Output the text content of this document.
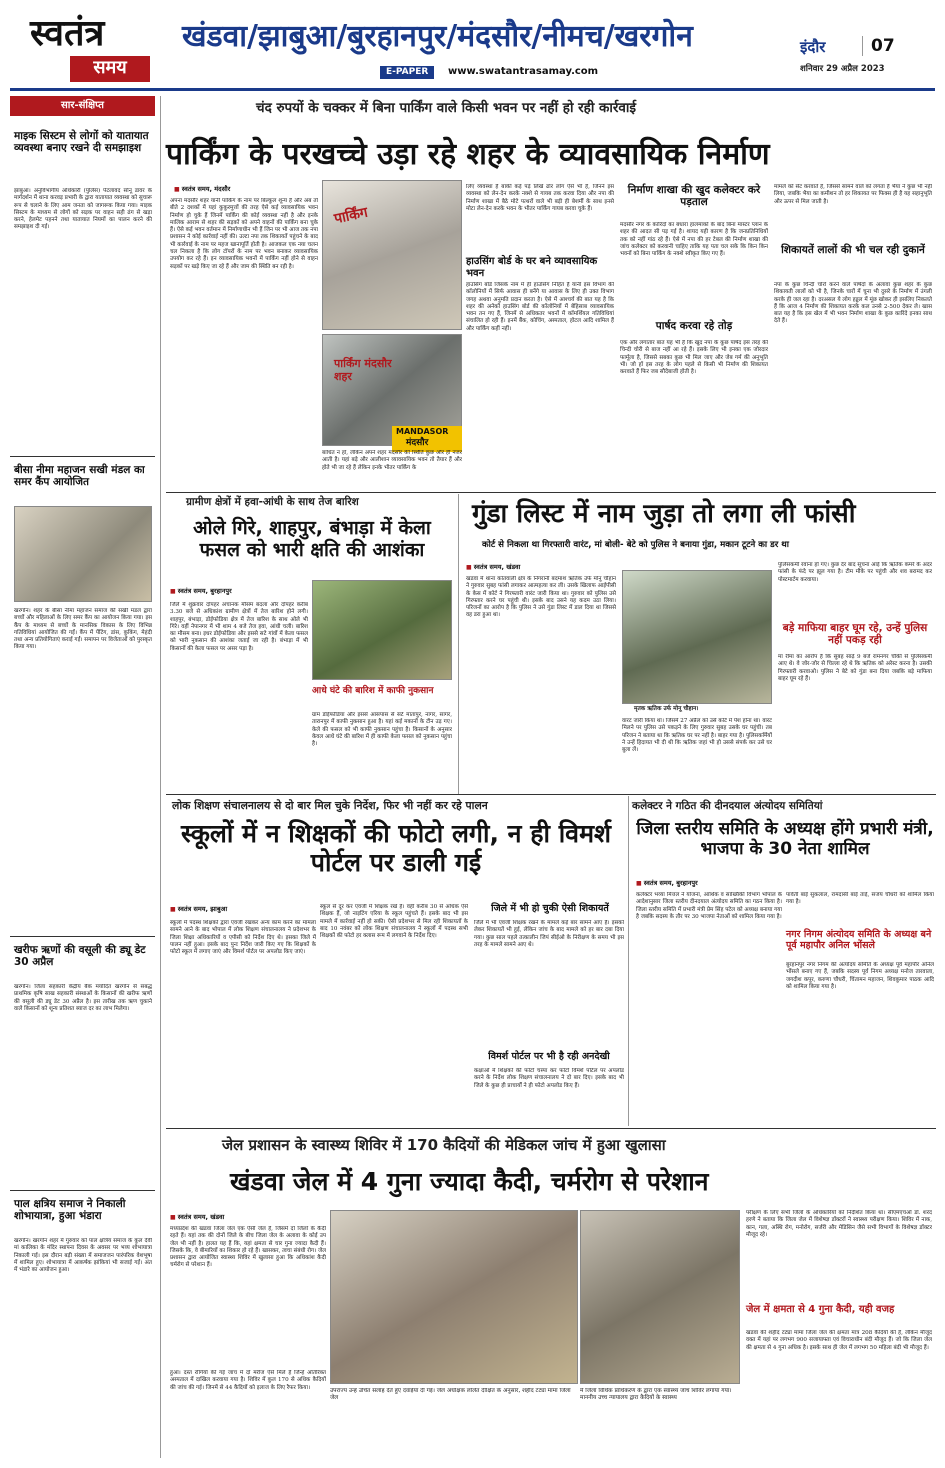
स्वतंत्र
समय
खंडवा/झाबुआ/बुरहानपुर/मंदसौर/नीमच/खरगोन
E-PAPER	www.swatantrasamay.com
इंदौर	07
शनिवार 29 अप्रैल 2023
सार-संक्षिप्त
माइक सिस्टम से लोगों को यातायात व्यवस्था बनाए रखने दी समझाइश
झाबुआ। अनुविभागीय अधिकारी (पुलिस) पेटलावद सोनू डावर के मार्गदर्शन में थाना करवड़ प्रभारी के द्वारा यातायात व्यवस्था को सुचारू रूप से चलाने के लिए आम जनता को जागरूक किया गया। माइक सिस्टम के माध्यम से लोगों को सड़क पर वाहन सही ढंग से खड़ा करने, हेलमेट पहनने तथा यातायात नियमों का पालन करने की समझाइश दी गई।
बीसा नीमा महाजन सखी मंडल का समर कैंप आयोजित
खरगोन। शहर के बीसा नीमा महाजन समाज की सखी मंडल द्वारा बच्चों और महिलाओं के लिए समर कैंप का आयोजन किया गया। इस कैंप के माध्यम से बच्चों के मानसिक विकास के लिए विभिन्न गतिविधियां आयोजित की गईं। कैंप में पेंटिंग, डांस, कुकिंग, मेहंदी तथा अन्य प्रतियोगिताएं कराई गईं। समापन पर विजेताओं को पुरस्कृत किया गया।
खरीफ ऋणों की वसूली की ड्यू डेट 30 अप्रैल
खरगोन। जिला सहकारी केंद्रीय बैंक मर्यादित खरगोन से संबद्ध प्राथमिक कृषि साख सहकारी संस्थाओं के किसानों की खरीफ ऋणों की वसूली की ड्यू डेट 30 अप्रैल है। इस तारीख तक ऋण चुकाने वाले किसानों को शून्य प्रतिशत ब्याज दर का लाभ मिलेगा।
पाल क्षत्रिय समाज ने निकाली शोभायात्रा, हुआ भंडारा
खरगोन। खरगोन शहर में गुरुवार को पाल क्षत्रिय समाज के कुल देवी मां कालिका के मंदिर स्थापना दिवस के अवसर पर भव्य शोभायात्रा निकाली गई। इस दौरान बड़ी संख्या में समाजजन पारंपरिक वेशभूषा में शामिल हुए। शोभायात्रा में आकर्षक झांकियां भी सजाई गईं। अंत में भंडारे का आयोजन हुआ।
चंद रुपयों के चक्कर में बिना पार्किंग वाले किसी भवन पर नहीं हो रही कार्रवाई
पार्किंग के परखच्चे उड़ा रहे शहर के व्यावसायिक निर्माण
■ स्वतंत्र समय, मंदसौर
अपना मंदसौर शहर यानी पार्किंग के नाम पर बिल्कुल शून्य है और अब तो बीते 2 दशकों में यहां कुकुरमुत्तों की तरह ऐसे कई व्यावसायिक भवन निर्माण हो चुके हैं जिनमें पार्किंग की कोई व्यवस्था नहीं है और इनके मालिक आराम से शहर की सड़कों को अपने वाहनों की पार्किंग बना चुके हैं। ऐसे कई भवन वर्तमान में निर्माणाधीन भी हैं जिन पर भी आज तक नपा प्रशासन ने कोई कार्रवाई नहीं की। उल्टा नपा तक शिकायतें पहुंचने के बाद भी कार्रवाई के नाम पर महज खानापूर्ति होती है। आजकल एक नया चलन चल निकला है कि लोग टॉपरों के नाम पर भवन बनाकर व्यावसायिक उपयोग कर रहे हैं। इन व्यावसायिक भवनों में पार्किंग नहीं होने से वाहन सड़कों पर खड़े किए जा रहे हैं और जाम की स्थिति बन रही है।
पार्किंग
पार्किंग मंदसौर शहर
MANDASOR
मंदसौर
बाधित न हो, लेकिन अपने शहर मंदसौर की स्थिति कुछ और ही नजर आती है। यहां बड़े और आलीशान व्यावसायिक भवन तो तैयार हैं और होते भी जा रहे हैं लेकिन इनके भीतर पार्किंग के
लिए व्यवस्था है बाकी कई पड़े लिखे ढोर लोग ऐसे भी हैं, जिनने इस व्यवस्था को लेन-देन करके नक्शे से गायब तक करवा दिया और नपा की निर्माण शाखा में बैठे मोटे पत्थरों वाले भी बड़ी ही बेशर्मी के साथ इनसे मोटा लेन-देन करके भवन के भीतर पार्किंग गायब करवा चुके हैं।
हाउसिंग बोर्ड के घर बने व्यावसायिक भवन
हाउसिंग बोर्ड जिसके नाम में ही हाउसिंग निहित है यानी इस विभाग की कॉलोनियों में सिर्फ आवास ही बनेंगे या आवास के लिए ही उक्त विभाग जगह अथवा अनुमति प्रदान करता है। ऐसे में आश्चर्य की बात यह है कि शहर की अनेकों हाउसिंग बोर्ड की कॉलोनियों में बेहिसाब व्यावसायिक भवन तन गए हैं, जिनमें से अधिकतर भवनों में कॉमर्शियल गतिविधियां संचालित हो रही हैं। इनमें बैंक, कोचिंग, अस्पताल, होटल आदि शामिल हैं और पार्किंग कहीं नहीं।
निर्माण शाखा की खुद कलेक्टर करे पड़ताल
मंदसौर नगर के कारिंदों का बंधारा हालमाकों के बाद बिना मास्टर प्लान के शहर की आदत सी पड़ गई है। शायद यही कारण है कि जनप्रतिनिधियों तक को नहीं गांठ रहे हैं। ऐसे में नपा की हर टेबल की निर्माण शाखा की जांच कलेक्टर को करवानी चाहिए ताकि यह पता चल सके कि किन किन भवनों को बिना पार्किंग के नक्शे स्वीकृत किए गए हैं।
पार्षद करवा रहे तोड़
एक और लगातार बात यह भी है कि खुद नपा के कुछ पार्षद इस तरह की चिन्दी चोरी से बाज नहीं आ रहे हैं। इसके लिए भी इनका एक जोरदार फार्मूला है, जिससे सबका कुछ भी मिल जाए और जेब गर्म की अनुभूति भी। जो हॉ इस तरह के लोग पहले से किसी भी निर्माण की शिकायत करवाते हैं फिर जब सौदेबाजी होती है।
मामले को सेट करवाते हैं, जिससे सामने वाले को लगता है भैया ने कुछ भी नहीं लिया, जबकि भैया का कमीशन तो हर शिकायत पर फिक्स ही है यह सहानुभूति और ऊपर से मिल जाती है।
शिकायतें लालों की भी चल रही दुकानें
नपा के कुछ चिन्दी चोरों करने वाले पार्षदों के अलावा कुछ शहर के कुछ शिकायती लालों को भी है, जिनके चारों में चूना भी दुसरे के निर्माण में उंगली करके ही जल रहा है। दरअसल ये लोग हड्डल में मूंछ खोकर ही इसलिए निकलते हैं कि आज 4 निर्माण की शिकायत करके कल उनसे 2-500 देकर ले। खास बात यह है कि इस खेल में भी भवन निर्माण शाखा के कुछ कारिंदे इनका साथ देते हैं।
ग्रामीण क्षेत्रों में हवा-आंधी के साथ तेज बारिश
ओले गिरे, शाहपुर, बंभाड़ा में केला फसल को भारी क्षति की आशंका
■ स्वतंत्र समय, बुरहानपुर
जिले में शुक्रवार दोपहर अचानक मौसम बदला और दोपहर करीब 3.30 बजे से अधिकांश ग्रामीण क्षेत्रों में तेज बारिश होने लगी। शाहपुर, बंभाड़ा, डोईफोडिया क्षेत्र में तेज बारिश के साथ ओले भी गिरे। वहीं नेपानगर में भी शाम 4 बजे तेज हवा, आंधी चली। बारिश का मौसम बना। इधर डोईफोडिया और इससे सटे गांवों में केला फसल को भारी नुकसान की आशंका जताई जा रही है। बंभाड़ा में भी किसानों की केला फसल पर असर पड़ा है।
आधे घंटे की बारिश में काफी नुकसान
ग्राम डोईफोडिया और इससे आसपास से सटे मातापुर, नागर, सागर, तारानपुर में काफी नुकसान हुआ है। यहां कई मकानों के टीन उड़ गए। केले की फसल को भी काफी नुकसान पहुंचा है। किसानों के अनुसार केवल आधे घंटे की बारिश में ही काफी केला फसल को नुकसान पहुंचा है।
गुंडा लिस्ट में नाम जुड़ा तो लगा ली फांसी
कोर्ट से निकला था गिरफ्तारी वारंट, मां बोली- बेटे को पुलिस ने बनाया गुंडा, मकान टूटने का डर था
■ स्वतंत्र समय, खंडवा
खंडवा में थाना कोतवाली क्षेत्र के निगरानी बदमाश ऋतिक उर्फ मोनू चौहान ने गुरुवार सुबह फांसी लगाकर आत्महत्या कर ली। उसके खिलाफ आईपीसी के केस में कोर्ट ने गिरफ्तारी वारंट जारी किया था। गुरुवार को पुलिस उसे गिरफ्तार करने घर पहुंची थी। इसके बाद उसने यह कदम उठा लिया। परिजनों का आरोप है कि पुलिस ने उसे गुंडा लिस्ट में डाल दिया था जिससे वह डरा हुआ था।
मृतक ऋतिक उर्फ मोनू चौहान।
वारंट जारी किया था। जिसमें 27 अप्रैल को उसे कोर्ट में पेश होना था। वारंट मिलने पर पुलिस उसे पकड़ने के लिए गुरुवार सुबह उसके घर पहुंची। तब परिजन ने बताया था कि ऋतिक घर पर नहीं है। बाहर गया है। पुलिसकर्मियों ने उन्हें हिदायत भी दी थी कि ऋतिक जहां भी हो उससे संपर्क कर उसे घर बुला लें।
पुलिसकर्मी रवाना हो गए। कुछ देर बाद सूचना आई कि ऋतिक कमरे के अंदर फांसी के फंदे पर झूल गया है। टीम मौके पर पहुंची और शव बरामद कर पोस्टमार्टम करवाया।
बड़े माफिया बाहर घूम रहे, उन्हें पुलिस नहीं पकड़ रही
मां रीमा का आरोप है कि सुबह साढ़े 9 बजे रामनगर चौकी से पुलिसकर्मी आए थे। वे जोर-जोर से चिल्ला रहे थे कि ऋतिक को अरेस्ट करना है। उसकी गिरफ्तारी करवाओ। पुलिस ने बेटे को गुंडा बना दिया जबकि बड़े माफिया बाहर घूम रहे हैं।
लोक शिक्षण संचालनालय से दो बार मिल चुके निर्देश, फिर भी नहीं कर रहे पालन
स्कूलों में न शिक्षकों की फोटो लगी, न ही विमर्श पोर्टल पर डाली गई
■ स्वतंत्र समय, झाबुआ
स्कूलों में पदस्थ शिक्षकों द्वारा एवजी रखकर अन्य काम करने का मामला सामने आने के बाद भोपाल में लोक शिक्षण संचालनालय ने प्रदेशभर के जिला शिक्षा अधिकारियों व एपीसी को निर्देश दिए थे। इसका जिले में पालन नहीं हुआ। इसके बाद पुनः निर्देश जारी किए गए कि शिक्षकों के फोटो स्कूल में लगाए जाएं और विमर्श पोर्टल पर अपलोड किए जाएं।
स्कूल से दूर कर एवजी में शिक्षक रखे हैं। वहीं करीब 30 से अधिक ऐसे शिक्षक हैं, जो नाइटिंग एरिया के स्कूल पहुंचते हैं। इसके बाद भी इस मामले में कार्रवाई नहीं हो सकी। ऐसी प्रदेशभर से मिल रही शिकायतों के बाद 10 नवंबर को लोक शिक्षण संचालनालय ने स्कूलों में पदस्थ सभी शिक्षकों की फोटो हर क्लास रूम में लगवाने के निर्देश दिए।
जिले में भी हो चुकी ऐसी शिकायतें
जिले में भी एवजी शिक्षक रखने के मामले कई बार सामने आए हैं। इसको लेकर शिकायतें भी हुई, लेकिन जांच के बाद मामले को हर बार दबा दिया गया। कुछ साल पहले तत्कालीन जिपं सीईओ के निरीक्षण के समय भी इस तरह के मामले सामने आए थे।
विमर्श पोर्टल पर भी है रही अनदेखी
कक्षाओं में शिक्षकों की फोटो चस्पा कर फोटो विमर्श पोर्टल पर अपलोड करने के निर्देश लोक शिक्षण संचालनालय ने दो बार दिए। इसके बाद भी जिले के कुछ ही प्राचार्यों ने ही फोटो अपलोड किए हैं।
कलेक्टर ने गठित की दीनदयाल अंत्योदय समितियां
जिला स्तरीय समिति के अध्यक्ष होंगे प्रभारी मंत्री, भाजपा के 30 नेता शामिल
■ स्वतंत्र समय, बुरहानपुर
कलेक्टर भव्या मित्तल ने योजना, आर्थिक व सांख्यिकी विभाग भोपाल के आदेशानुसार जिला स्तरीय दीनदयाल अंत्योदय समिति का गठन किया है। जिला स्तरीय समिति में प्रभारी मंत्री प्रेम सिंह पटेल को अध्यक्ष बनाया गया है जबकि सदस्य के तौर पर 30 भाजपा नेताओं को शामिल किया गया है।
पार्वती बाई सुकलाल, रामदासी बाई ताई, संजय चौधरी को शामिल किया गया है।
नगर निगम अंत्योदय समिति के अध्यक्ष बने पूर्व महापौर अनिल भोंसले
बुरहानपुर नगर निगम की अंत्योदय समिति के अध्यक्ष पूर्व महापौर अनिल भोंसले बनाए गए हैं, जबकि सदस्य पूर्व निगम अध्यक्ष मनोज तारवाला, जगदीश कपूर, करुणा चौधरी, चिंतामन महाजन, शिवकुमार पाठक आदि को शामिल किया गया है।
जेल प्रशासन के स्वास्थ्य शिविर में 170 कैदियों की मेडिकल जांच में हुआ खुलासा
खंडवा जेल में 4 गुना ज्यादा कैदी, चर्मरोग से परेशान
■ स्वतंत्र समय, खंडवा
मध्यप्रदेश की खंडवा जिला जेल एक ऐसी जेल है, जिसमें दो जिलों के कैदी रहते हैं। यहां तक की दोनों जिले के बीच जिला जेल के अलावा के कोई उप जेल भी नहीं है। हालत यह हैं कि, यहां क्षमता से चार गुना ज्यादा कैदी हैं। जिसके कि, वे बीमारियों का शिकार हो रहे हैं। खासकर, त्वचा संबंधी रोग। जेल प्रशासन द्वारा आयोजित स्वास्थ्य शिविर में खुलासा हुआ कि अधिकांश कैदी चर्मरोग से परेशान हैं।
हुआ। दस्त रोगियों की गई जांच में दो मरीज ऐसे मिले हैं जिन्हें अतिरिक्त अस्पताल में दाखिल करवाया गया है। शिविर में कुल 170 से अधिक कैदियों की जांच की गई। जिनमें से 44 कैदियों को इलाज के लिए रैफर किया।
उपराज्य उन्हें उचित सलाह देते हुए दवाईयां दी गई। जेल अधीक्षक ललित दीक्षित के अनुसार, शहीद टंट्या मामा जिला जेल
में जिला विधिक प्राधिकरण के द्वारा एक स्वास्थ्य जांच शिविर लगाया गया। माननीय उच्च न्यायालय द्वारा कैदियों के स्वास्थ्य
परीक्षण के लिए सभी जिलों के अधिकारियों को निर्देशित किया था। सीएमएचओ डॉ. शरद हरणे ने बताया कि जिला जेल में विशेषज्ञ डॉक्टरों ने स्वास्थ्य परीक्षण किया। शिविर में नाक, कान, गला, अस्थि रोग, मनोरोग, सर्जरी और मेडिसिन जैसे सभी विभागों के विशेषज्ञ डॉक्टर मौजूद रहे।
जेल में क्षमता से 4 गुना कैदी, यही वजह
खंडवा की शहीद टंट्या मामा जिला जेल की क्षमता मात्र 208 कैदियों की है, लेकिन मौजूद वक्त में यहां पर लगभग 900 सजायाफ्ता एवं विचाराधीन बंदी मौजूद हैं। जो कि जिला जेल की क्षमता से 4 गुना अधिक है। इसके साथ ही जेल में लगभग 50 महिला बंदी भी मौजूद हैं।
